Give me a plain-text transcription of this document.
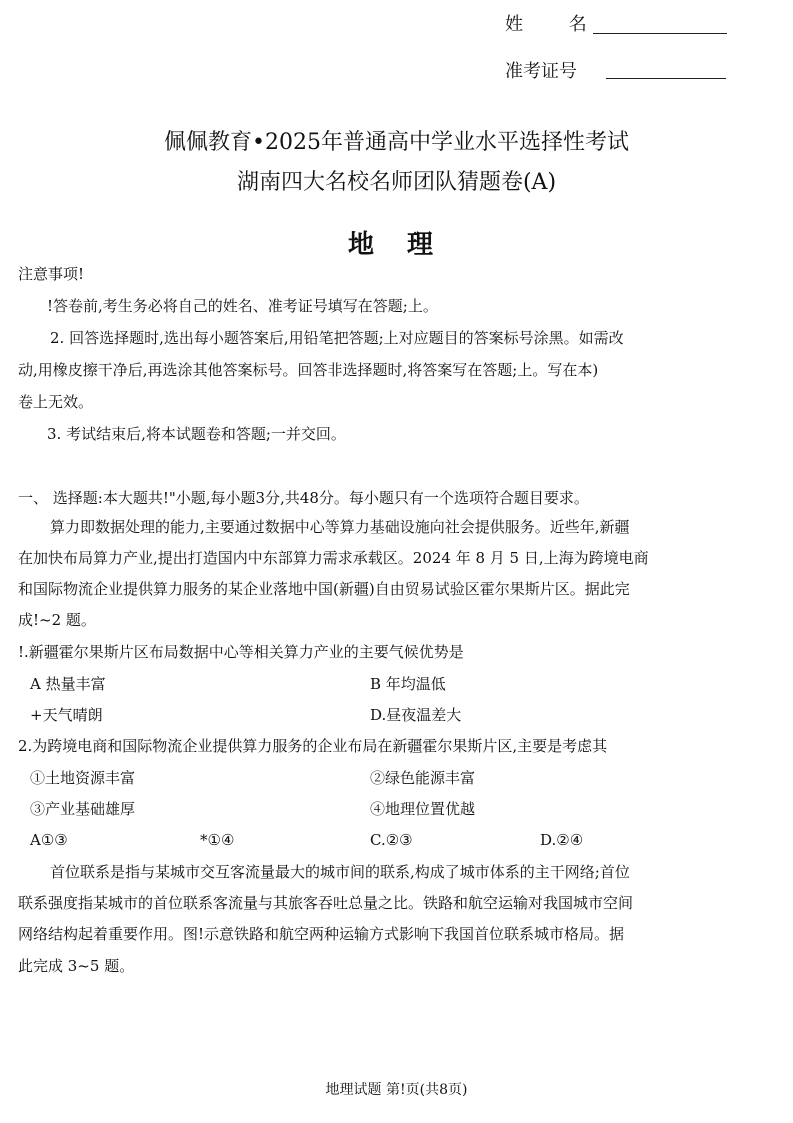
姓 名
准考证号
佩佩教育•2025年普通高中学业水平选择性考试
湖南四大名校名师团队猜题卷(A)
地 理
注意事项!
!答卷前,考生务必将自己的姓名、准考证号填写在答题;上。
2. 回答选择题时,选出每小题答案后,用铅笔把答题;上对应题目的答案标号涂黑。如需改
动,用橡皮擦干净后,再选涂其他答案标号。回答非选择题时,将答案写在答题;上。写在本)
卷上无效。
3. 考试结束后,将本试题卷和答题;一并交回。
一、 选择题:本大题共!"小题,每小题3分,共48分。每小题只有一个选项符合题目要求。
算力即数据处理的能力,主要通过数据中心等算力基础设施向社会提供服务。近些年,新疆
在加快布局算力产业,提出打造国内中东部算力需求承载区。2024 年 8 月 5 日,上海为跨境电商
和国际物流企业提供算力服务的某企业落地中国(新疆)自由贸易试验区霍尔果斯片区。据此完
成!~2 题。
!.新疆霍尔果斯片区布局数据中心等相关算力产业的主要气候优势是
A 热量丰富	B 年均温低
+天气晴朗	D.昼夜温差大
2.为跨境电商和国际物流企业提供算力服务的企业布局在新疆霍尔果斯片区,主要是考虑其
①土地资源丰富	②绿色能源丰富
③产业基础雄厚	④地理位置优越
A①③	*①④	C.②③	D.②④
首位联系是指与某城市交互客流量最大的城市间的联系,构成了城市体系的主干网络;首位
联系强度指某城市的首位联系客流量与其旅客吞吐总量之比。铁路和航空运输对我国城市空间
网络结构起着重要作用。图!示意铁路和航空两种运输方式影响下我国首位联系城市格局。据
此完成 3~5 题。
地理试题 第!页(共8页)
